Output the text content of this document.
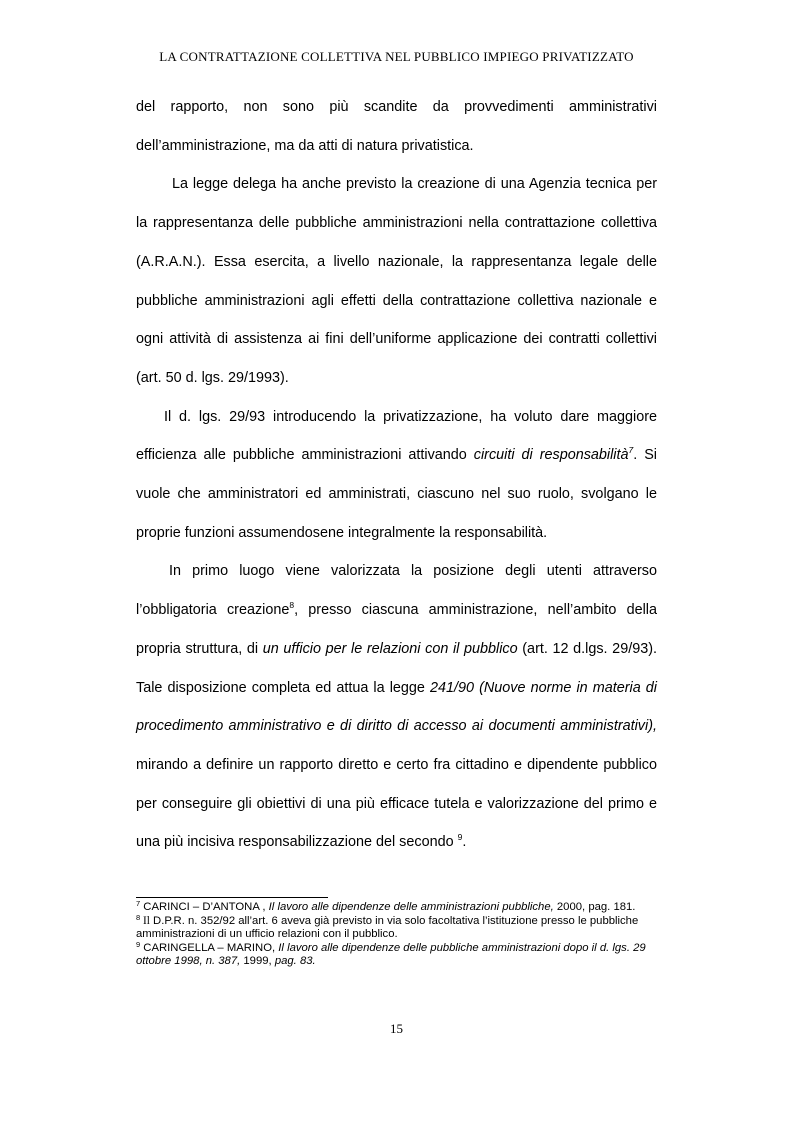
LA CONTRATTAZIONE COLLETTIVA NEL PUBBLICO IMPIEGO PRIVATIZZATO

del rapporto, non sono più scandite da provvedimenti amministrativi dell’amministrazione, ma da atti di natura privatistica.

La legge delega ha anche previsto la creazione di una Agenzia tecnica per la rappresentanza delle pubbliche amministrazioni nella contrattazione collettiva (A.R.A.N.). Essa esercita, a livello nazionale, la rappresentanza legale delle pubbliche amministrazioni agli effetti della contrattazione collettiva nazionale e ogni attività di assistenza ai fini dell’uniforme applicazione dei contratti collettivi (art. 50 d. lgs. 29/1993).

Il d. lgs. 29/93 introducendo la privatizzazione, ha voluto dare maggiore efficienza alle pubbliche amministrazioni attivando circuiti di responsabilità$^7$. Si vuole che amministratori ed amministrati, ciascuno nel suo ruolo, svolgano le proprie funzioni assumendosene integralmente la responsabilità.

In primo luogo viene valorizzata la posizione degli utenti attraverso l’obbligatoria creazione$^8$, presso ciascuna amministrazione, nell’ambito della propria struttura, di un ufficio per le relazioni con il pubblico (art. 12 d.lgs. 29/93). Tale disposizione completa ed attua la legge 241/90 (Nuove norme in materia di procedimento amministrativo e di diritto di accesso ai documenti amministrativi), mirando a definire un rapporto diretto e certo fra cittadino e dipendente pubblico per conseguire gli obiettivi di una più efficace tutela e valorizzazione del primo e una più incisiva responsabilizzazione del secondo $^9$.

$^7$ CARINCI – D’ANTONA , Il lavoro alle dipendenze delle amministrazioni pubbliche, 2000, pag. 181.

$^8$ Il D.P.R. n. 352/92 all’art. 6 aveva già previsto in via solo facoltativa l’istituzione presso le pubbliche amministrazioni di un ufficio relazioni con il pubblico.

$^9$ CARINGELLA – MARINO, Il lavoro alle dipendenze delle pubbliche amministrazioni dopo il d. lgs. 29 ottobre 1998, n. 387, 1999, pag. 83.

15
